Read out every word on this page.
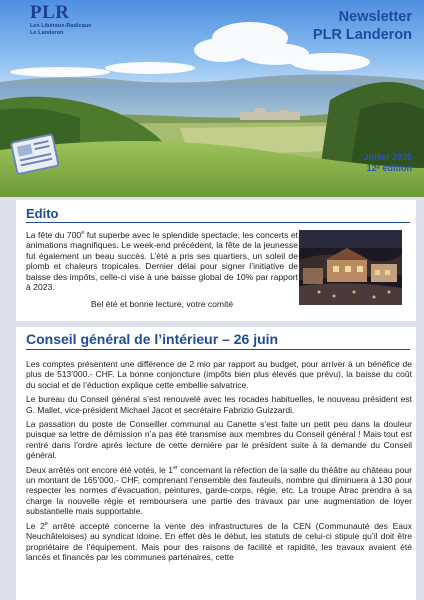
PLR
Les Libéraux-Radicaux
Le Landeron
Newsletter
PLR Landeron
Juillet 2025
12ᵉ édition
Edito

La fête du 700e fut superbe avec le splendide spectacle, les concerts et animations magnifiques. Le week-end précédent, la fête de la jeunesse fut également un beau succès. L’été a pris ses quartiers, un soleil de plomb et chaleurs tropicales. Dernier délai pour signer l’initiative de baisse des impôts, celle-ci vise à une baisse global de 10% par rapport à 2023.

Bel été et bonne lecture, votre comité
Conseil général de l’intérieur – 26 juin

Les comptes présentent une différence de 2 mio par rapport au budget, pour arriver à un bénéfice de plus de 513’000.- CHF. La bonne conjoncture (impôts bien plus élevés que prévu), la baisse du coût du social et de l’éduction explique cette embellie salvatrice.

Le bureau du Conseil général s’est renouvelé avec les rocades habituelles, le nouveau président est G. Mallet, vice-président Michael Jacot et secrétaire Fabrizio Guizzardi.

La passation du poste de Conseiller communal au Canette s’est faite un petit peu dans la douleur puisque sa lettre de démission n’a pas été transmise aux membres du Conseil général ! Mais tout est rentré dans l’ordre après lecture de cette dernière par le président suite à la demande du Conseil général.

Deux arrêtés ont encore été votés, le 1er concernant la réfection de la salle du théâtre au château pour un montant de 165’000.- CHF, comprenant l’ensemble des fauteuils, nombre qui diminuera à 130 pour respecter les normes d’évacuation, peintures, garde-corps, régie, etc. La troupe Atrac prendra à sa charge la nouvelle régie et remboursera une partie des travaux par une augmentation de loyer substantielle mais supportable.

Le 2e arrêté accepté concerne la vente des infrastructures de la CEN (Communauté des Eaux Neuchâteloises) au syndicat idoine. En effet dès le début, les statuts de celui-ci stipule qu’il doit être propriétaire de l’équipement. Mais pour des raisons de facilité et rapidité, les travaux avaient été lancés et financés par les communes partenaires, cette
